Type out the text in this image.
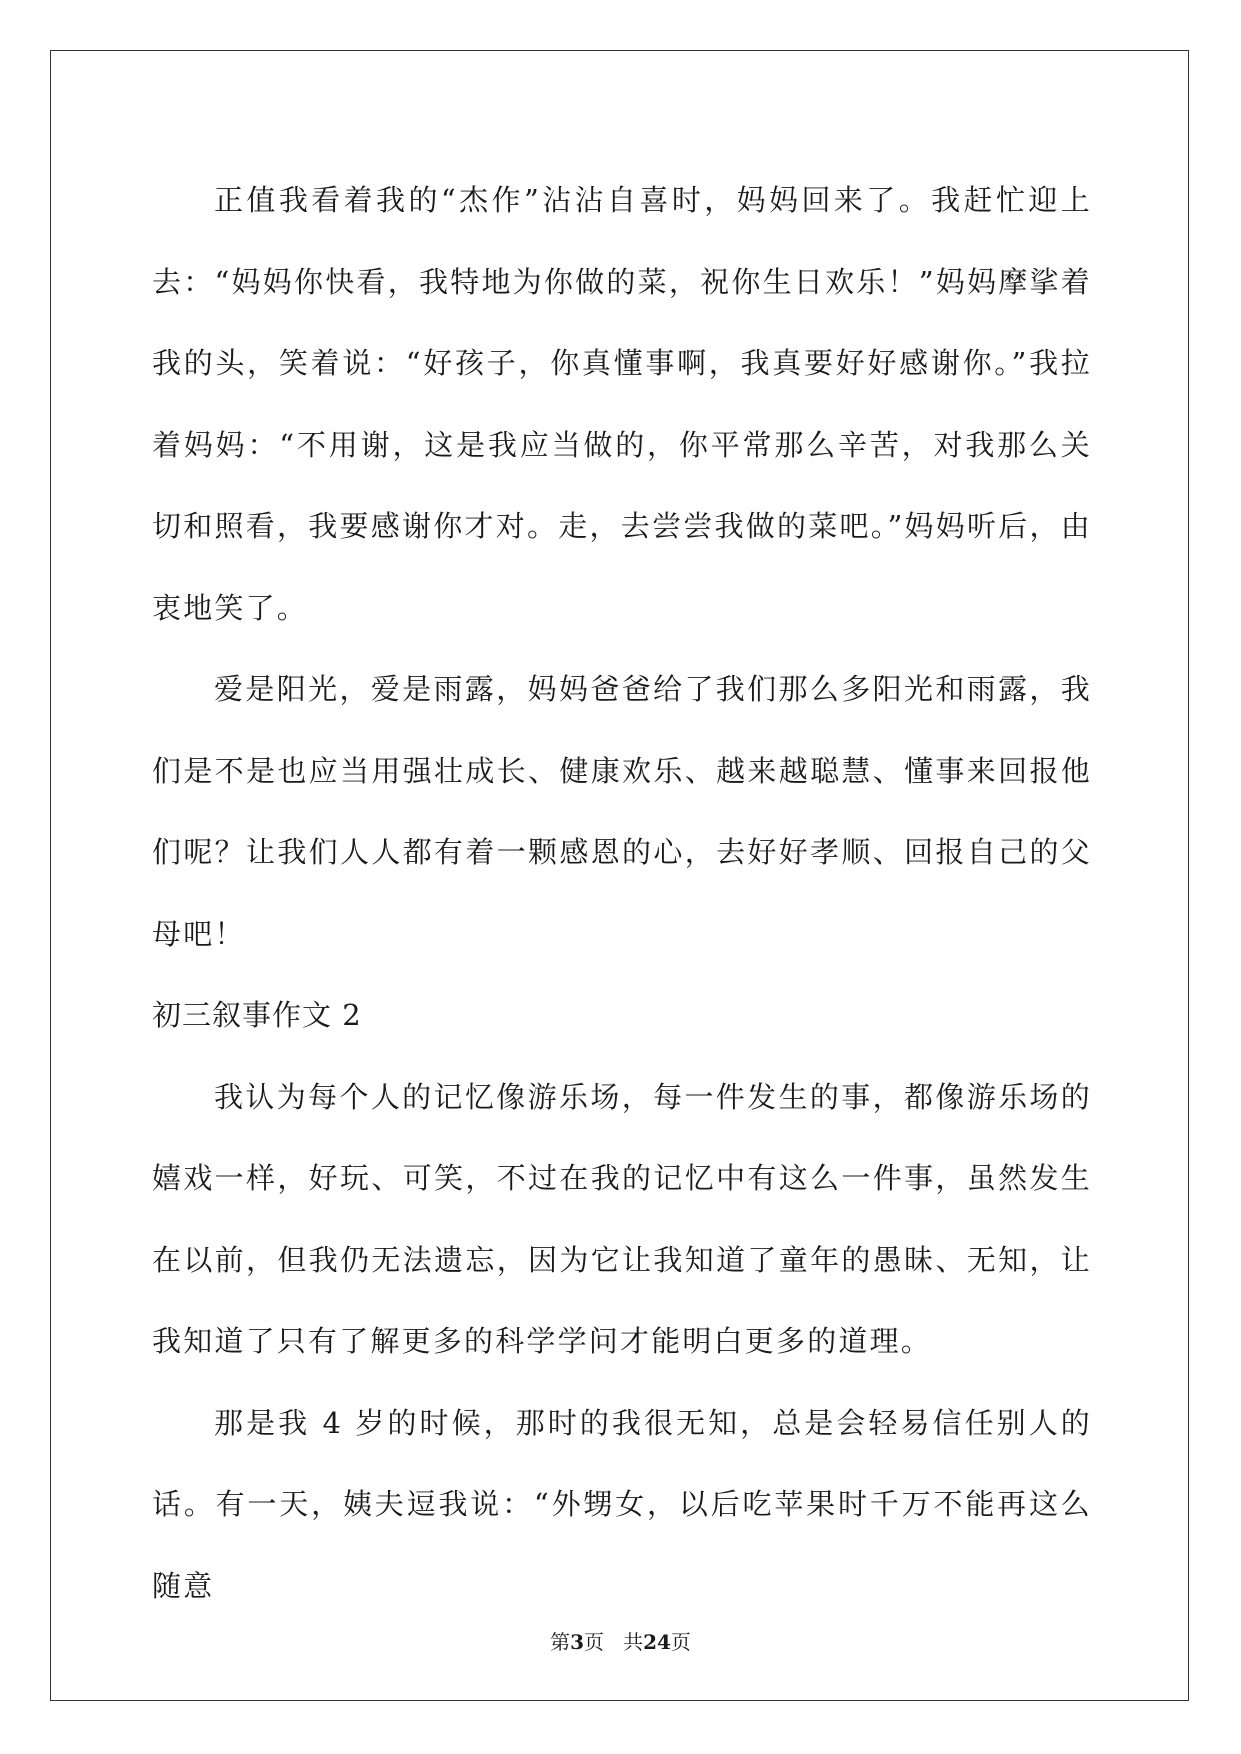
正值我看着我的“杰作”沾沾自喜时，妈妈回来了。我赶忙迎上去：“妈妈你快看，我特地为你做的菜，祝你生日欢乐！”妈妈摩挲着我的头，笑着说：“好孩子，你真懂事啊，我真要好好感谢你。”我拉着妈妈：“不用谢，这是我应当做的，你平常那么辛苦，对我那么关切和照看，我要感谢你才对。走，去尝尝我做的菜吧。”妈妈听后，由衷地笑了。

爱是阳光，爱是雨露，妈妈爸爸给了我们那么多阳光和雨露，我们是不是也应当用强壮成长、健康欢乐、越来越聪慧、懂事来回报他们呢？让我们人人都有着一颗感恩的心，去好好孝顺、回报自己的父母吧！

初三叙事作文 2

我认为每个人的记忆像游乐场，每一件发生的事，都像游乐场的嬉戏一样，好玩、可笑，不过在我的记忆中有这么一件事，虽然发生在以前，但我仍无法遗忘，因为它让我知道了童年的愚昧、无知，让我知道了只有了解更多的科学学问才能明白更多的道理。

那是我 4 岁的时候，那时的我很无知，总是会轻易信任别人的话。有一天，姨夫逗我说：“外甥女，以后吃苹果时千万不能再这么随意

第3页 共24页
